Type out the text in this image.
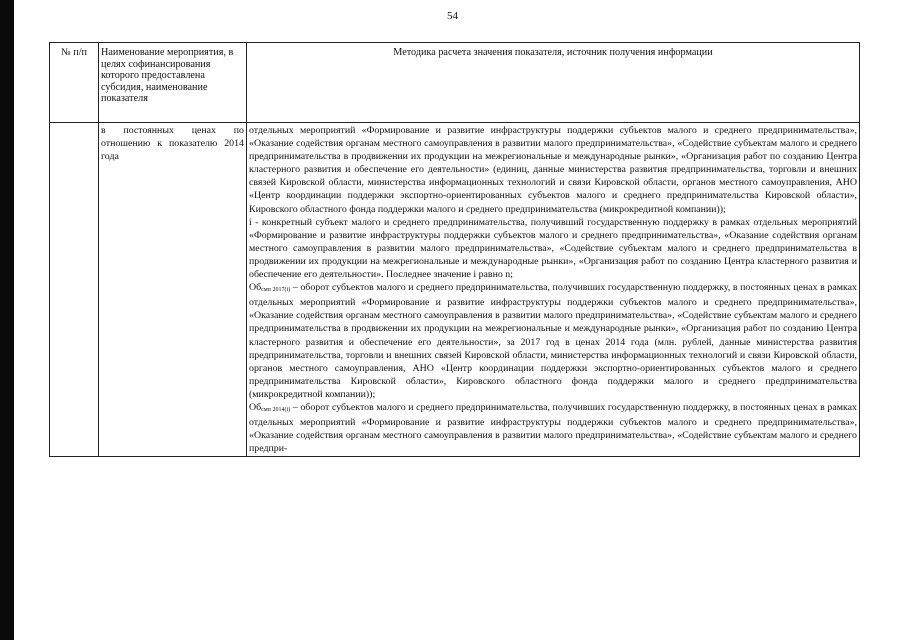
54
№ п/п	Наименование мероприятия, в целях софинансирования которого предоставлена субсидия, наименование показателя	Методика расчета значения показателя, источник получения информации
	в постоянных ценах по отношению к показателю 2014 года	отдельных мероприятий «Формирование и развитие инфраструктуры поддержки субъектов малого и среднего предпринимательства», «Оказание содействия органам местного самоуправления в развитии малого предпринимательства», «Содействие субъектам малого и среднего предпринимательства в продвижении их продукции на межрегиональные и международные рынки», «Организация работ по созданию Центра кластерного развития и обеспечение его деятельности» (единиц, данные министерства развития предпринимательства, торговли и внешних связей Кировской области, министерства информационных технологий и связи Кировской области, органов местного самоуправления, АНО «Центр координации поддержки экспортно-ориентированных субъектов малого и среднего предпринимательства Кировской области», Кировского областного фонда поддержки малого и среднего предпринимательства (микрокредитной компании));

i - конкретный субъект малого и среднего предпринимательства, получивший государственную поддержку в рамках отдельных мероприятий «Формирование и развитие инфраструктуры поддержки субъектов малого и среднего предпринимательства», «Оказание содействия органам местного самоуправления в развитии малого предпринимательства», «Содействие субъектам малого и среднего предпринимательства в продвижении их продукции на межрегиональные и международные рынки», «Организация работ по созданию Центра кластерного развития и обеспечение его деятельности». Последнее значение i равно n;

$Об_{смп 2017(i)}$ – оборот субъектов малого и среднего предпринимательства, получивших государственную поддержку, в постоянных ценах в рамках отдельных мероприятий «Формирование и развитие инфраструктуры поддержки субъектов малого и среднего предпринимательства», «Оказание содействия органам местного самоуправления в развитии малого предпринимательства», «Содействие субъектам малого и среднего предпринимательства в продвижении их продукции на межрегиональные и международные рынки», «Организация работ по созданию Центра кластерного развития и обеспечение его деятельности», за 2017 год в ценах 2014 года (млн. рублей, данные министерства развития предпринимательства, торговли и внешних связей Кировской области, министерства информационных технологий и связи Кировской области, органов местного самоуправления, АНО «Центр координации поддержки экспортно-ориентированных субъектов малого и среднего предпринимательства Кировской области», Кировского областного фонда поддержки малого и среднего предпринимательства (микрокредитной компании));

$Об_{смп 2014(i)}$ – оборот субъектов малого и среднего предпринимательства, получивших государственную поддержку, в постоянных ценах в рамках отдельных мероприятий «Формирование и развитие инфраструктуры поддержки субъектов малого и среднего предпринимательства», «Оказание содействия органам местного самоуправления в развитии малого предпринимательства», «Содействие субъектам малого и среднего предпри-
